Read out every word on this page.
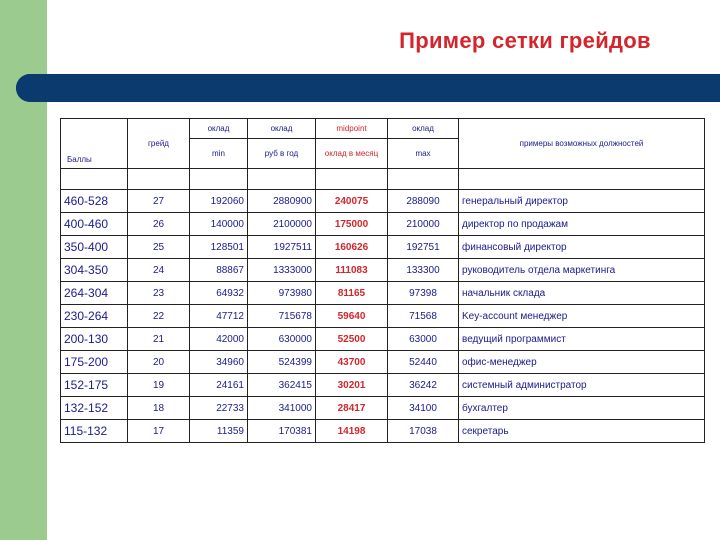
Пример сетки грейдов
Баллы	грейд	оклад	оклад	midpoint	оклад	примеры возможных должностей
		min	руб в год	оклад в месяц	max	

460-528	27	192060	2880900	240075	288090	генеральный директор
400-460	26	140000	2100000	175000	210000	директор по продажам
350-400	25	128501	1927511	160626	192751	финансовый директор
304-350	24	88867	1333000	111083	133300	руководитель отдела маркетинга
264-304	23	64932	973980	81165	97398	начальник склада
230-264	22	47712	715678	59640	71568	Key-account менеджер
200-130	21	42000	630000	52500	63000	ведущий программист
175-200	20	34960	524399	43700	52440	офис-менеджер
152-175	19	24161	362415	30201	36242	системный администратор
132-152	18	22733	341000	28417	34100	бухгалтер
115-132	17	11359	170381	14198	17038	секретарь
